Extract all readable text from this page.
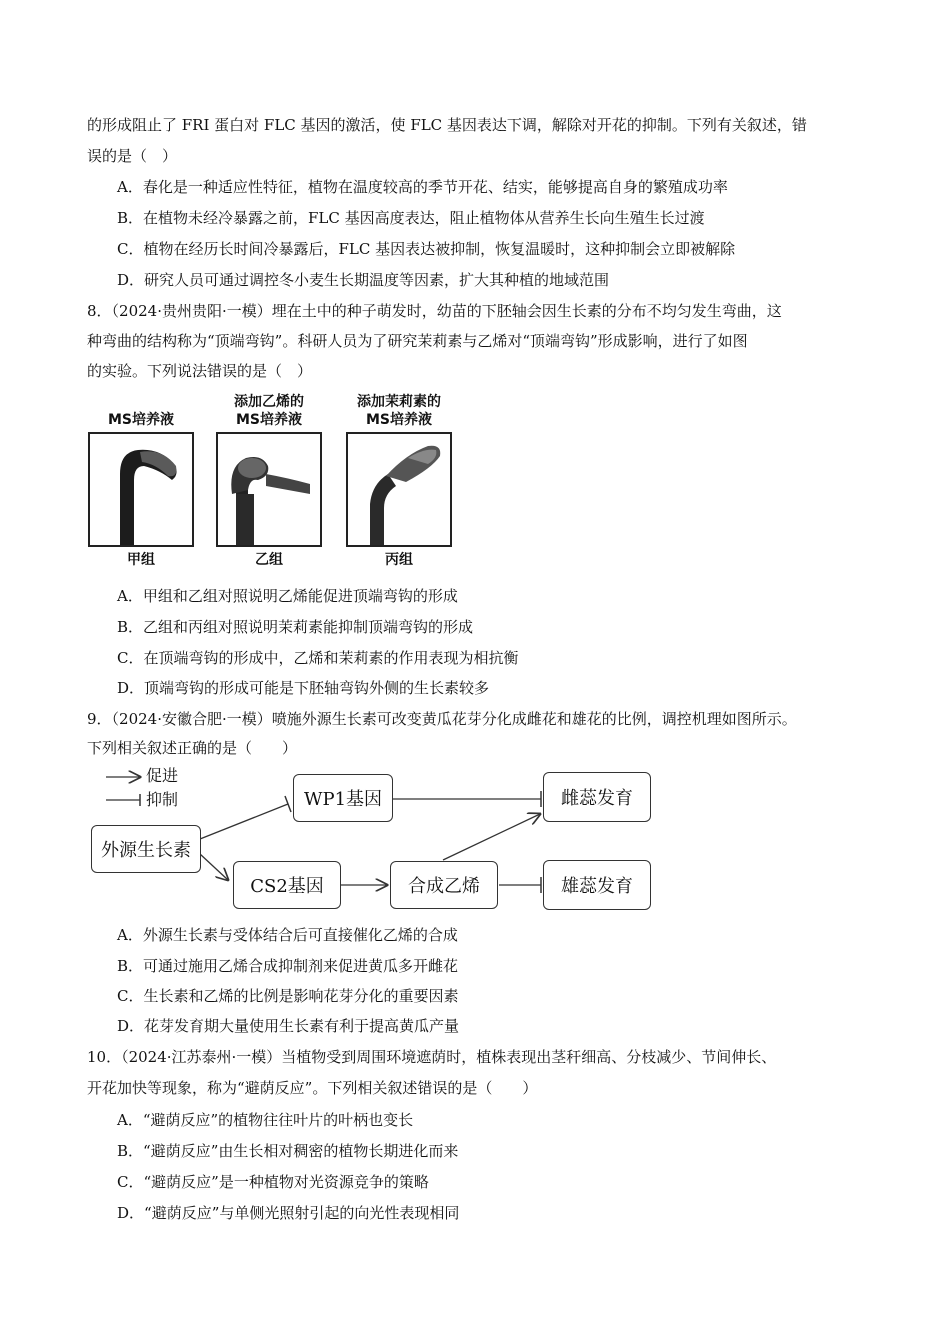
的形成阻止了 FRI 蛋白对 FLC 基因的激活，使 FLC 基因表达下调，解除对开花的抑制。下列有关叙述，错
误的是（　）
A．春化是一种适应性特征，植物在温度较高的季节开花、结实，能够提高自身的繁殖成功率
B．在植物未经冷暴露之前，FLC 基因高度表达，阻止植物体从营养生长向生殖生长过渡
C．植物在经历长时间冷暴露后，FLC 基因表达被抑制，恢复温暖时，这种抑制会立即被解除
D．研究人员可通过调控冬小麦生长期温度等因素，扩大其种植的地域范围
8．（2024·贵州贵阳·一模）埋在土中的种子萌发时，幼苗的下胚轴会因生长素的分布不均匀发生弯曲，这
种弯曲的结构称为“顶端弯钩”。科研人员为了研究茉莉素与乙烯对“顶端弯钩”形成影响，进行了如图
的实验。下列说法错误的是（　）
MS培养液
甲组
添加乙烯的
MS培养液
乙组
添加茉莉素的
MS培养液
丙组
A．甲组和乙组对照说明乙烯能促进顶端弯钩的形成
B．乙组和丙组对照说明茉莉素能抑制顶端弯钩的形成
C．在顶端弯钩的形成中，乙烯和茉莉素的作用表现为相抗衡
D．顶端弯钩的形成可能是下胚轴弯钩外侧的生长素较多
9．（2024·安徽合肥·一模）喷施外源生长素可改变黄瓜花芽分化成雌花和雄花的比例，调控机理如图所示。
下列相关叙述正确的是（　　）
促进
抑制
外源生长素
WP1基因
CS2基因	合成乙烯
雌蕊发育
雄蕊发育
A．外源生长素与受体结合后可直接催化乙烯的合成
B．可通过施用乙烯合成抑制剂来促进黄瓜多开雌花
C．生长素和乙烯的比例是影响花芽分化的重要因素
D．花芽发育期大量使用生长素有利于提高黄瓜产量
10．（2024·江苏泰州·一模）当植物受到周围环境遮荫时，植株表现出茎秆细高、分枝减少、节间伸长、
开花加快等现象，称为“避荫反应”。下列相关叙述错误的是（　　）
A．“避荫反应”的植物往往叶片的叶柄也变长
B．“避荫反应”由生长相对稠密的植物长期进化而来
C．“避荫反应”是一种植物对光资源竞争的策略
D．“避荫反应”与单侧光照射引起的向光性表现相同
